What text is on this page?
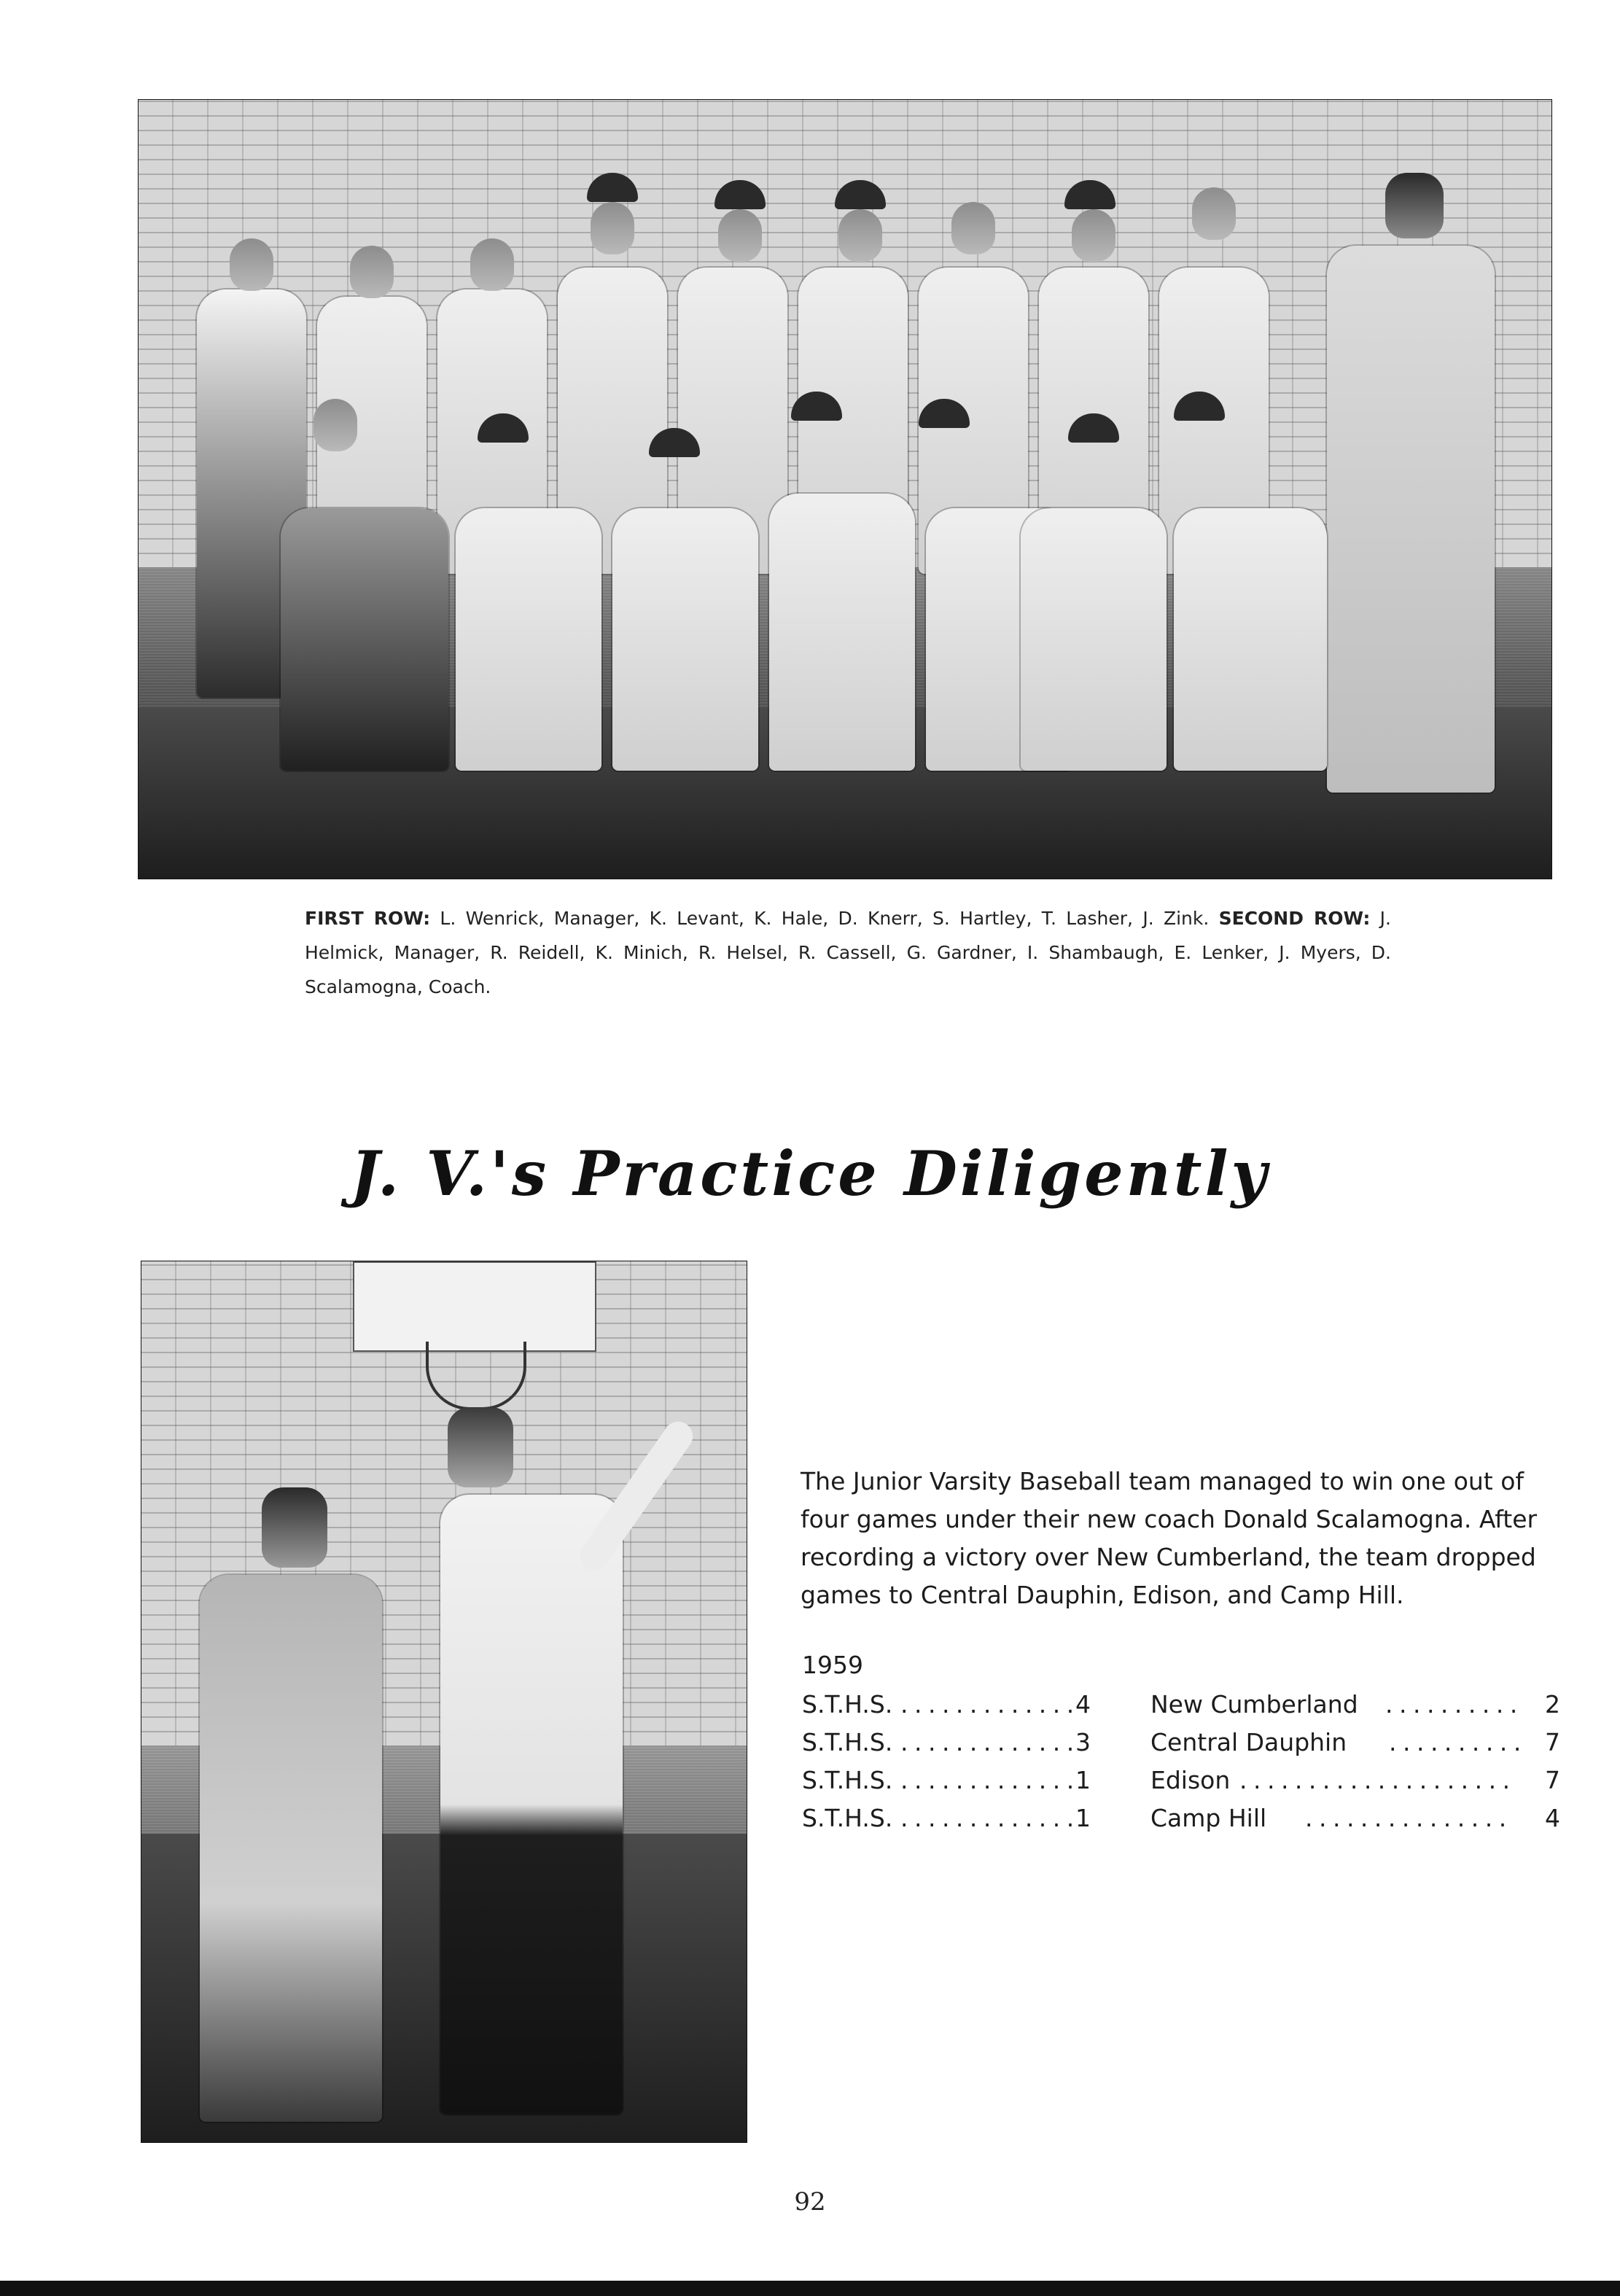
FIRST ROW: L. Wenrick, Manager, K. Levant, K. Hale, D. Knerr, S. Hartley, T. Lasher, J. Zink. SECOND ROW: J. Helmick, Manager, R. Reidell, K. Minich, R. Helsel, R. Cassell, G. Gardner, I. Shambaugh, E. Lenker, J. Myers, D. Scalamogna, Coach.
J. V.'s Practice Diligently
The Junior Varsity Baseball team managed to win one out of four games under their new coach Donald Scalamogna. After recording a victory over New Cumberland, the team dropped games to Central Dauphin, Edison, and Camp Hill.
1959
S.T.H.S. . . . . . . . . . . . . . 4 New Cumberland . . . . . . . . . . 2
S.T.H.S. . . . . . . . . . . . . . 3 Central Dauphin . . . . . . . . . . 7
S.T.H.S. . . . . . . . . . . . . . 1 Edison . . . . . . . . . . . . . . . . . . . . 7
S.T.H.S. . . . . . . . . . . . . . 1 Camp Hill . . . . . . . . . . . . . . . 4
92
